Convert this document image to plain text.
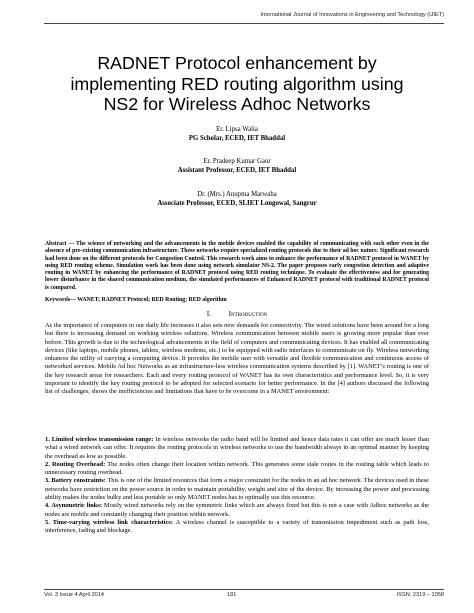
International Journal of Innovations in Engineering and Technology (IJIET)
RADNET Protocol enhancement by
implementing RED routing algorithm using
NS2 for Wireless Adhoc Networks
Er. Lipsa Walia
PG Scholar, ECED, IET Bhaddal
Er. Pradeep Kumar Gaur
Assistant Professor, ECED, IET Bhaddal
Dr. (Mrs.) Anupma Marwaha
Associate Professor, ECED, SLIET Longowal, Sangrur

Abstract — The science of networking and the advancements in the mobile devices enabled the capability of communicating with each other even in the absence of pre-existing communication infrastructure. These networks require specialized routing protocols due to their ad hoc nature. Significant research had been done on the different protocols for Congestion Control. This research work aims to enhance the performance of RADNET protocol in WANET by using RED routing scheme. Simulation work has been done using network simulator NS-2. The paper proposes early congestion detection and adaptive routing in WANET by enhancing the performance of RADNET protocol using RED routing technique. To evaluate the effectiveness and for generating lower disturbance in the shared communication medium, the simulated performances of Enhanced RADNET protocol with traditional RADNET protocol is compared.

Keywords— WANET; RADNET Protocol; RED Routing; RED algorithm

I.	Introduction

As the importance of computers in our daily life increases it also sets new demands for connectivity. The wired solutions have been around for a long but there is increasing demand on working wireless solutions. Wireless communication between mobile users is growing more popular than ever before. This growth is due to the technological advancements in the field of computers and communicating devices. It has enabled all communicating devices (like laptops, mobile phones, tablets, wireless modems, etc.) to be equipped with radio interfaces to communicate on fly. Wireless networking enhances the utility of carrying a computing device. It provides the mobile user with versatile and flexible communication and continuous access of networked services. Mobile Ad hoc Networks as an infrastructure-less wireless communication systems described by [1]. WANET’s routing is one of the key research areas for researchers. Each and every routing protocol of WANET has its own characteristics and performance level. So, it is very important to identify the key routing protocol to be adopted for selected scenario for better performance. In the [4] authors discussed the following list of challenges, shows the inefficiencies and limitations that have to be overcome in a MANET environment:

1. Limited wireless transmission range: In wireless networks the radio band will be limited and hence data rates it can offer are much lesser than what a wired network can offer. It requires the routing protocols in wireless networks to use the bandwidth always in an optimal manner by keeping the overhead as low as possible.
2. Routing Overhead: The nodes often change their location within network. This generates some stale routes in the routing table which leads to unnecessary routing overhead.
3. Battery constraints: This is one of the limited resources that form a major constraint for the nodes in an ad hoc network. The devices used in these networks have restriction on the power source in order to maintain portability, weight and size of the device. By increasing the power and processing ability makes the nodes bulky and less portable so only MANET nodes has to optimally use this resource.
4. Asymmetric links: Mostly wired networks rely on the symmetric links which are always fixed but this is not a case with Adhoc networks as the nodes are mobile and constantly changing their position within network.
5. Time-varying wireless link characteristics: A wireless channel is susceptible to a variety of transmission impediment such as path loss, interference, fading and blockage.
Vol. 3 Issue 4 April 2014	181	ISSN: 2319 – 1058
